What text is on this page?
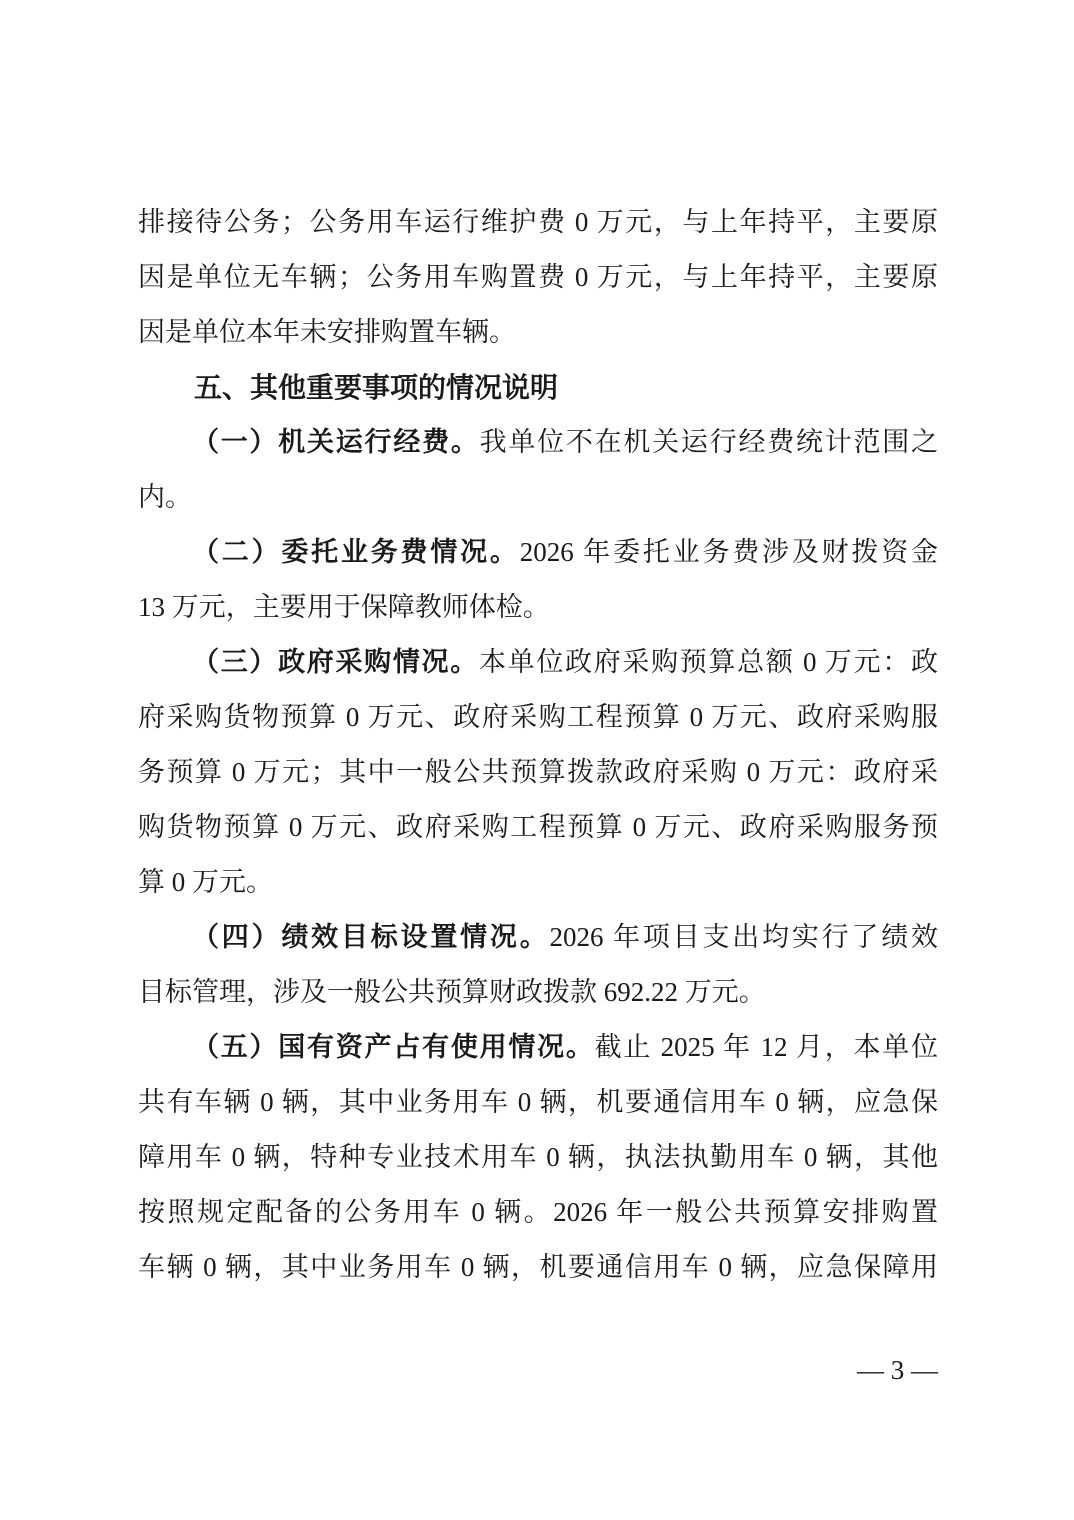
排接待公务；公务用车运行维护费 0 万元，与上年持平，主要原
因是单位无车辆；公务用车购置费 0 万元，与上年持平，主要原
因是单位本年未安排购置车辆。

五、其他重要事项的情况说明

（一）机关运行经费。我单位不在机关运行经费统计范围之
内。

（二）委托业务费情况。2026 年委托业务费涉及财拨资金
13 万元，主要用于保障教师体检。

（三）政府采购情况。本单位政府采购预算总额 0 万元：政
府采购货物预算 0 万元、政府采购工程预算 0 万元、政府采购服
务预算 0 万元；其中一般公共预算拨款政府采购 0 万元：政府采
购货物预算 0 万元、政府采购工程预算 0 万元、政府采购服务预
算 0 万元。

（四）绩效目标设置情况。2026 年项目支出均实行了绩效
目标管理，涉及一般公共预算财政拨款 692.22 万元。

（五）国有资产占有使用情况。截止 2025 年 12 月，本单位
共有车辆 0 辆，其中业务用车 0 辆，机要通信用车 0 辆，应急保
障用车 0 辆，特种专业技术用车 0 辆，执法执勤用车 0 辆，其他
按照规定配备的公务用车 0 辆。2026 年一般公共预算安排购置
车辆 0 辆，其中业务用车 0 辆，机要通信用车 0 辆，应急保障用

— 3 —
